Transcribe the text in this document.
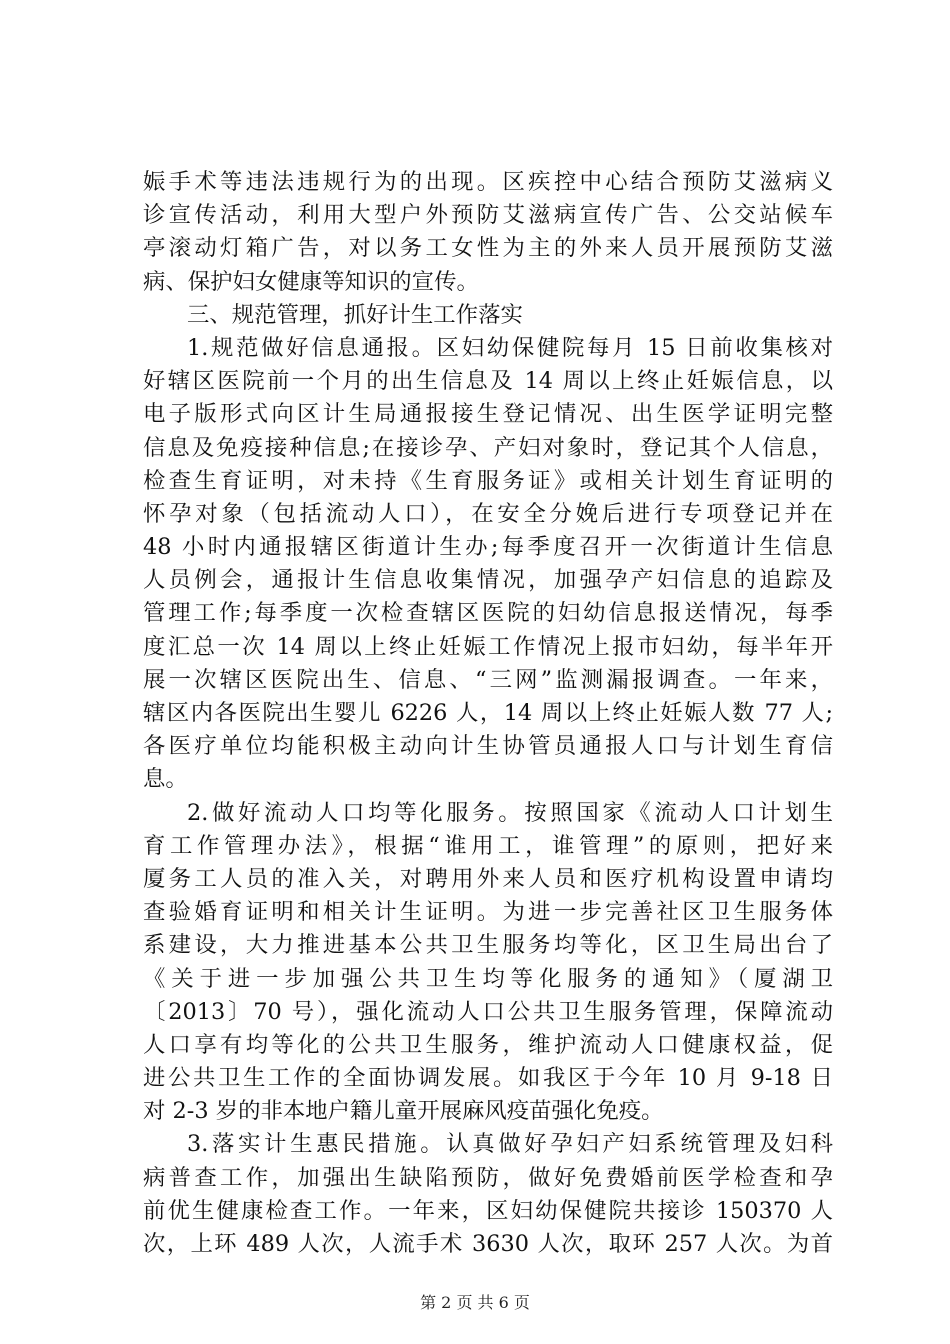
娠手术等违法违规行为的出现。区疾控中心结合预防艾滋病义
诊宣传活动，利用大型户外预防艾滋病宣传广告、公交站候车
亭滚动灯箱广告，对以务工女性为主的外来人员开展预防艾滋
病、保护妇女健康等知识的宣传。
三、规范管理，抓好计生工作落实
1.规范做好信息通报。区妇幼保健院每月 15 日前收集核对
好辖区医院前一个月的出生信息及 14 周以上终止妊娠信息，以
电子版形式向区计生局通报接生登记情况、出生医学证明完整
信息及免疫接种信息;在接诊孕、产妇对象时，登记其个人信息，
检查生育证明，对未持《生育服务证》或相关计划生育证明的
怀孕对象（包括流动人口），在安全分娩后进行专项登记并在
48 小时内通报辖区街道计生办;每季度召开一次街道计生信息
人员例会，通报计生信息收集情况，加强孕产妇信息的追踪及
管理工作;每季度一次检查辖区医院的妇幼信息报送情况，每季
度汇总一次 14 周以上终止妊娠工作情况上报市妇幼，每半年开
展一次辖区医院出生、信息、“三网”监测漏报调查。一年来，
辖区内各医院出生婴儿 6226 人，14 周以上终止妊娠人数 77 人;
各医疗单位均能积极主动向计生协管员通报人口与计划生育信
息。
2.做好流动人口均等化服务。按照国家《流动人口计划生
育工作管理办法》，根据“谁用工，谁管理”的原则，把好来
厦务工人员的准入关，对聘用外来人员和医疗机构设置申请均
查验婚育证明和相关计生证明。为进一步完善社区卫生服务体
系建设，大力推进基本公共卫生服务均等化，区卫生局出台了
《关于进一步加强公共卫生均等化服务的通知》（厦湖卫
〔2013〕70 号），强化流动人口公共卫生服务管理，保障流动
人口享有均等化的公共卫生服务，维护流动人口健康权益，促
进公共卫生工作的全面协调发展。如我区于今年 10 月 9-18 日
对 2-3 岁的非本地户籍儿童开展麻风疫苗强化免疫。
3.落实计生惠民措施。认真做好孕妇产妇系统管理及妇科
病普查工作，加强出生缺陷预防，做好免费婚前医学检查和孕
前优生健康检查工作。一年来，区妇幼保健院共接诊 150370 人
次，上环 489 人次，人流手术 3630 人次，取环 257 人次。为首
第 2 页 共 6 页
